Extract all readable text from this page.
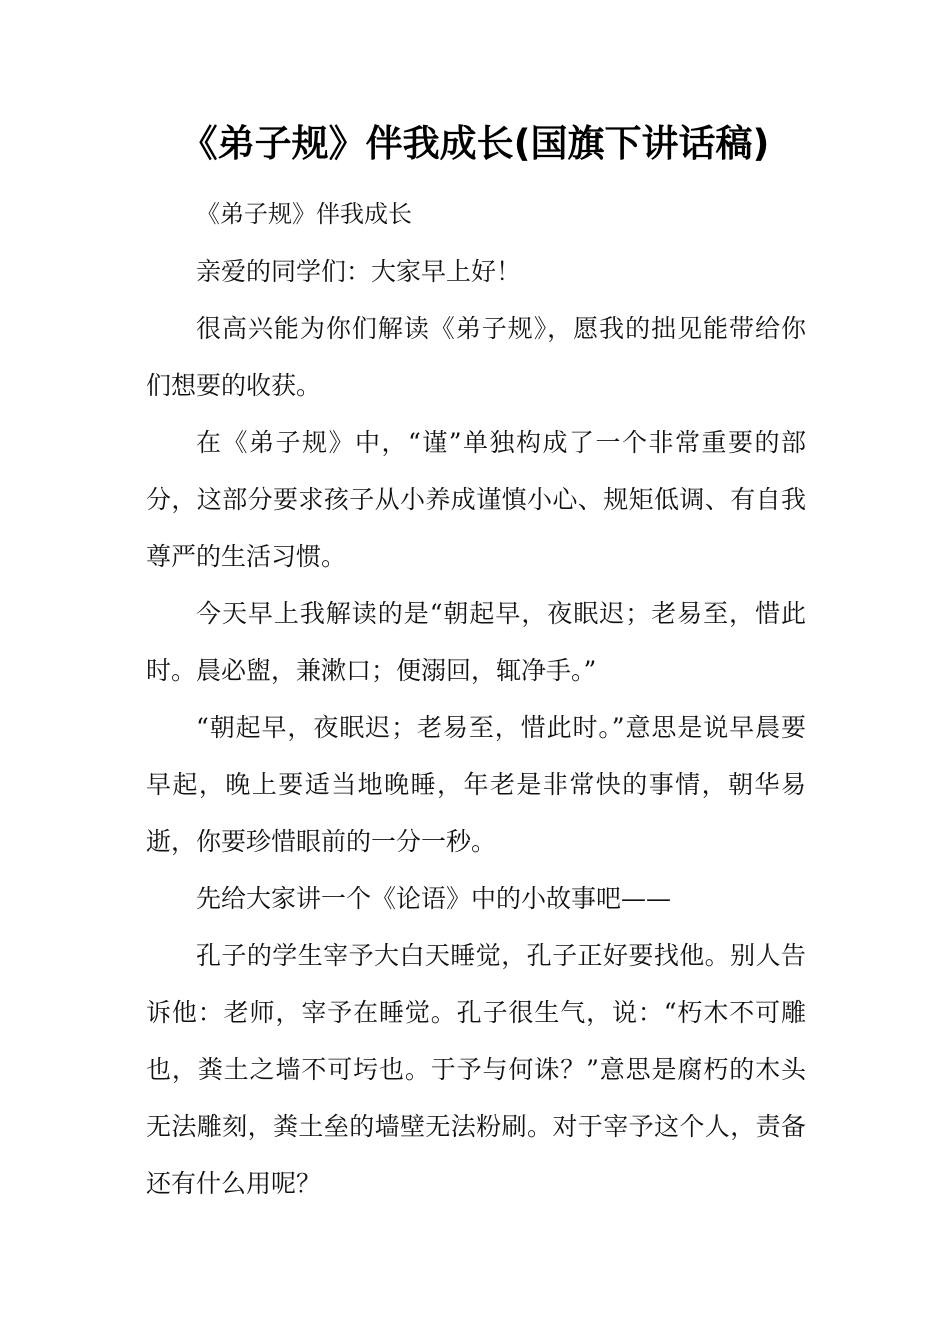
《弟子规》伴我成长(国旗下讲话稿)

《弟子规》伴我成长

亲爱的同学们：大家早上好！

很高兴能为你们解读《弟子规》，愿我的拙见能带给你们想要的收获。

在《弟子规》中，“谨”单独构成了一个非常重要的部分，这部分要求孩子从小养成谨慎小心、规矩低调、有自我尊严的生活习惯。

今天早上我解读的是“朝起早，夜眠迟；老易至，惜此时。晨必盥，兼漱口；便溺回，辄净手。”

“朝起早，夜眠迟；老易至，惜此时。”意思是说早晨要早起，晚上要适当地晚睡，年老是非常快的事情，朝华易逝，你要珍惜眼前的一分一秒。

先给大家讲一个《论语》中的小故事吧——

孔子的学生宰予大白天睡觉，孔子正好要找他。别人告诉他：老师，宰予在睡觉。孔子很生气，说：“朽木不可雕也，粪土之墙不可圬也。于予与何诛？”意思是腐朽的木头无法雕刻，粪土垒的墙壁无法粉刷。对于宰予这个人，责备还有什么用呢？
